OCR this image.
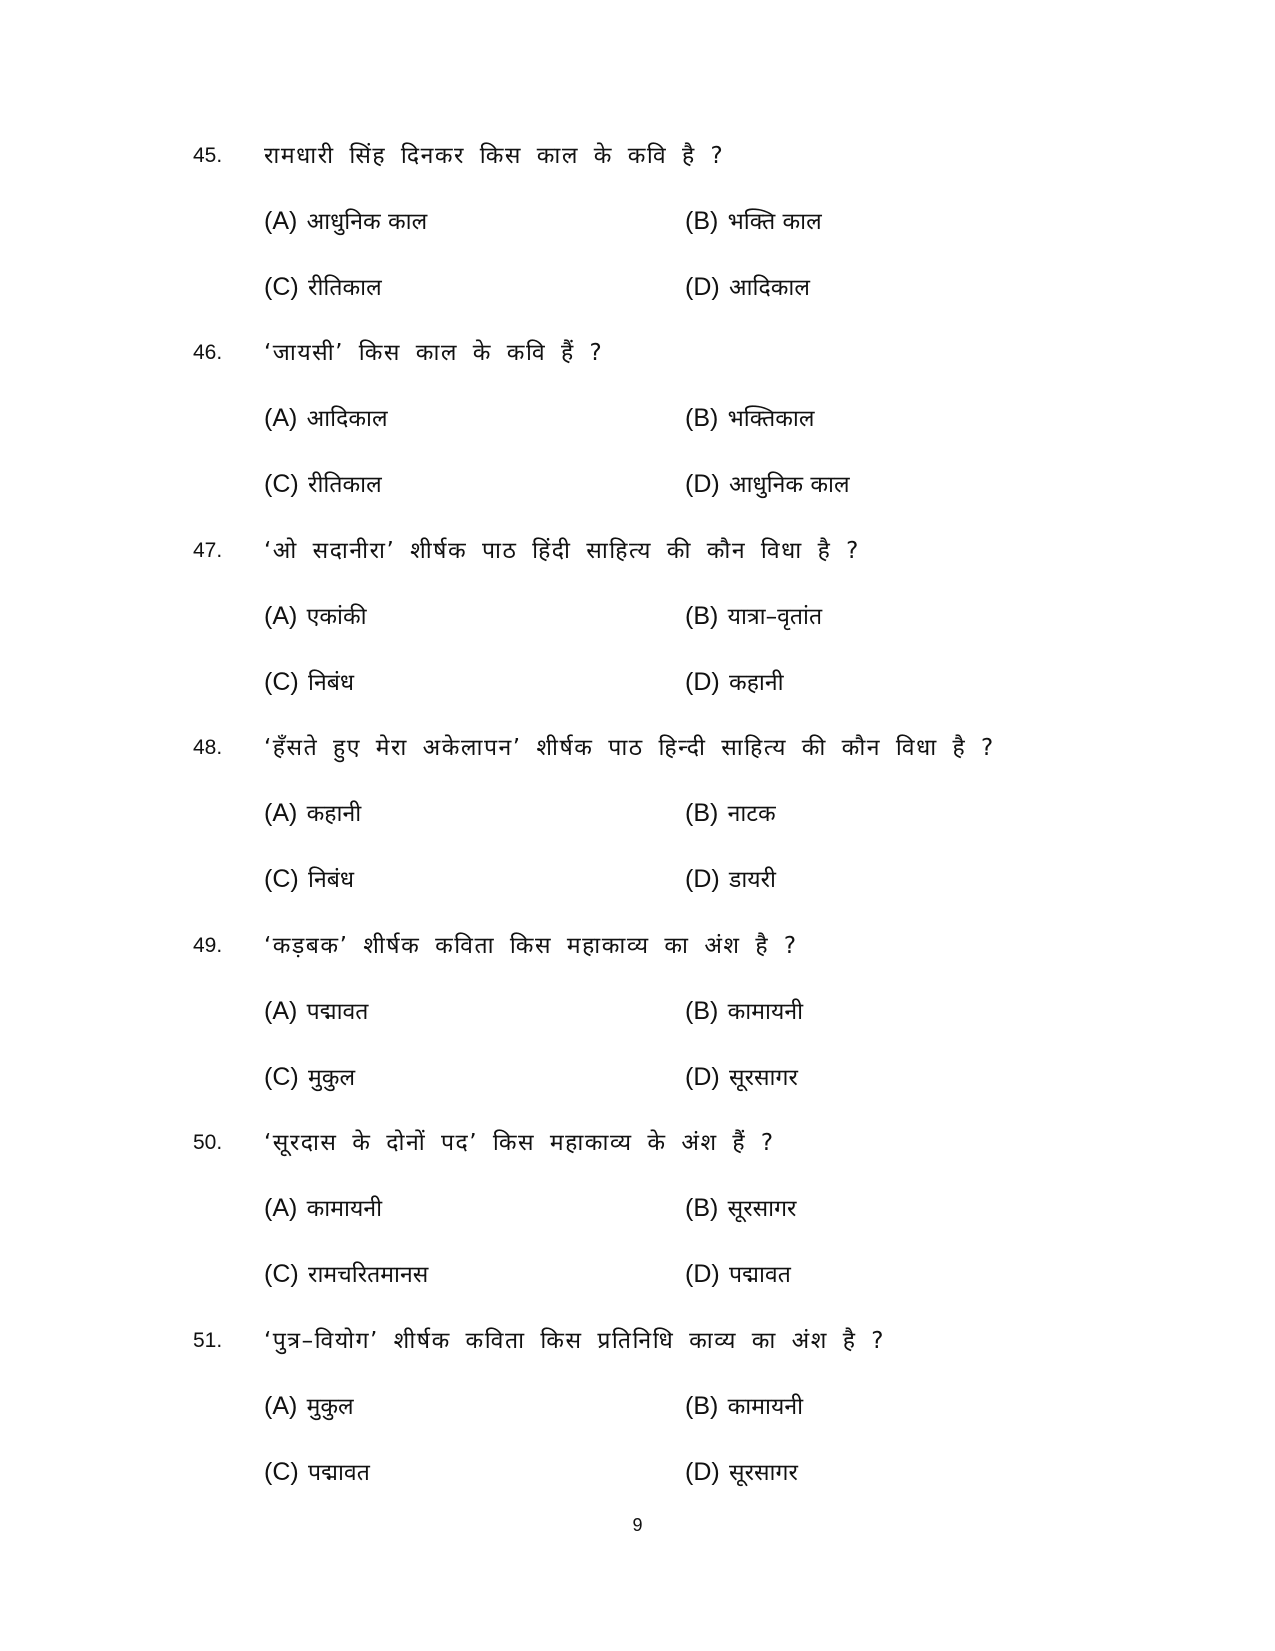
45. रामधारी सिंह दिनकर किस काल के कवि है ?
(A) आधुनिक काल	(B) भक्ति काल
(C) रीतिकाल	(D) आदिकाल
46. ‘जायसी’ किस काल के कवि हैं ?
(A) आदिकाल	(B) भक्तिकाल
(C) रीतिकाल	(D) आधुनिक काल
47. ‘ओ सदानीरा’ शीर्षक पाठ हिंदी साहित्य की कौन विधा है ?
(A) एकांकी	(B) यात्रा–वृतांत
(C) निबंध	(D) कहानी
48. ‘हँसते हुए मेरा अकेलापन’ शीर्षक पाठ हिन्दी साहित्य की कौन विधा है ?
(A) कहानी	(B) नाटक
(C) निबंध	(D) डायरी
49. ‘कड़बक’ शीर्षक कविता किस महाकाव्य का अंश है ?
(A) पद्मावत	(B) कामायनी
(C) मुकुल	(D) सूरसागर
50. ‘सूरदास के दोनों पद’ किस महाकाव्य के अंश हैं ?
(A) कामायनी	(B) सूरसागर
(C) रामचरितमानस	(D) पद्मावत
51. ‘पुत्र–वियोग’ शीर्षक कविता किस प्रतिनिधि काव्य का अंश है ?
(A) मुकुल	(B) कामायनी
(C) पद्मावत	(D) सूरसागर
9
